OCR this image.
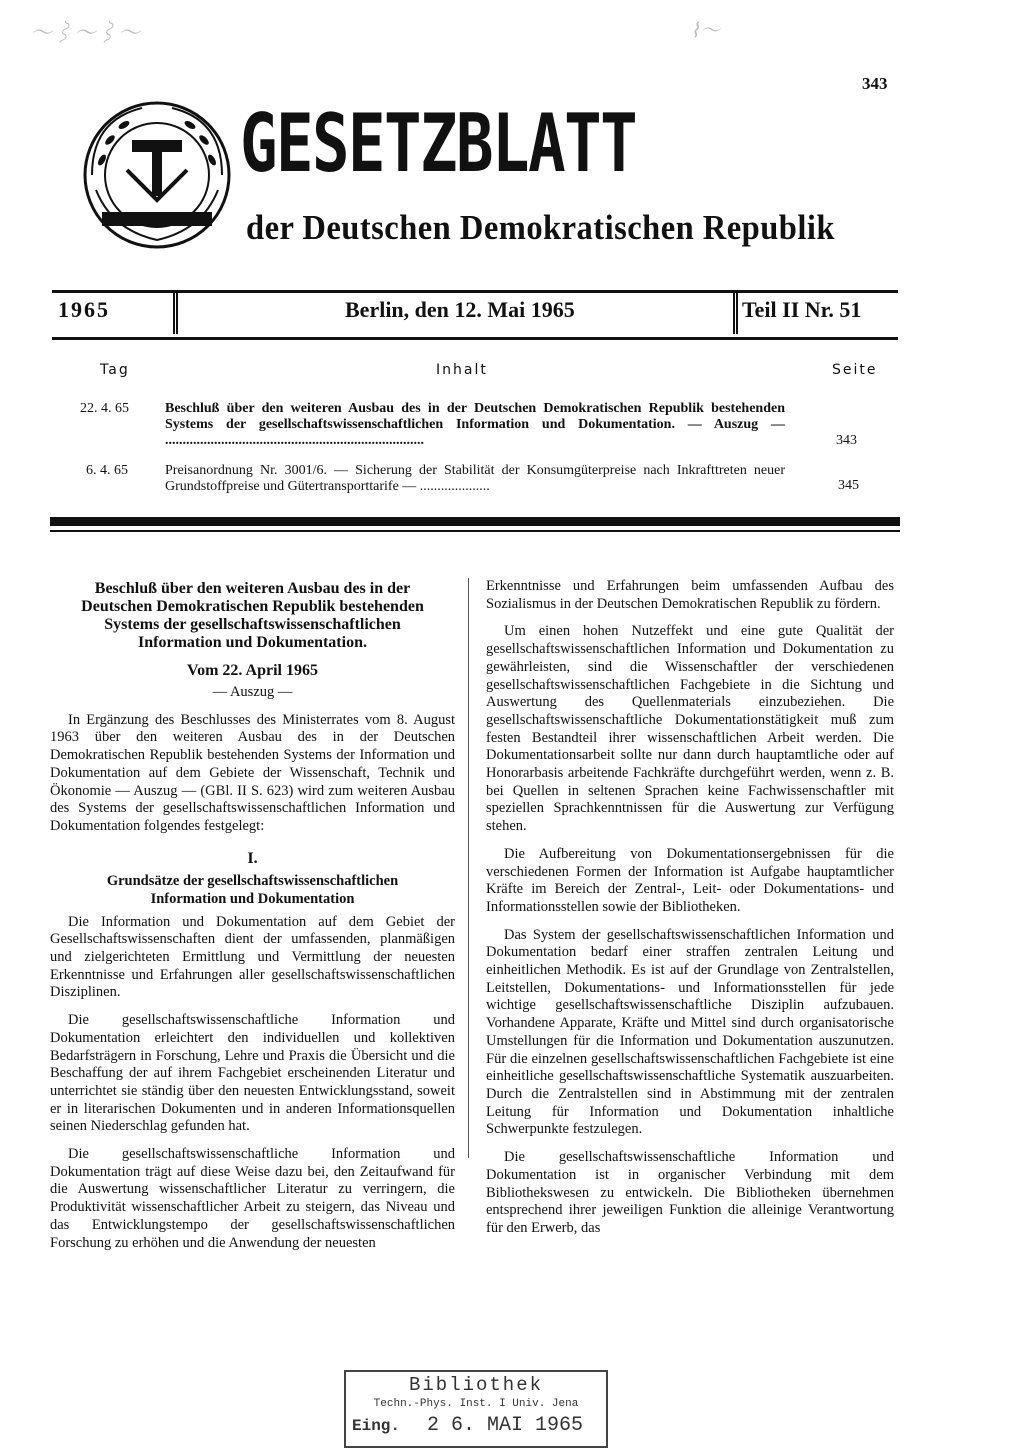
〜⌇〜⌇〜	⌇〜
343
GESETZBLATT
der Deutschen Demokratischen Republik
1965	Berlin, den 12. Mai 1965	Teil II Nr. 51
Tag	Inhalt	Seite
22. 4. 65	Beschluß über den weiteren Ausbau des in der Deutschen Demokratischen Republik bestehenden Systems der gesellschaftswissenschaftlichen Information und Dokumentation. — Auszug — ..........................................................................	343
6. 4. 65	Preisanordnung Nr. 3001/6. — Sicherung der Stabilität der Konsumgüterpreise nach Inkrafttreten neuer Grundstoffpreise und Gütertransporttarife — ....................	345

Beschluß über den weiteren Ausbau des in der Deutschen Demokratischen Republik bestehenden Systems der gesellschaftswissenschaftlichen Information und Dokumentation.

Vom 22. April 1965

— Auszug —

In Ergänzung des Beschlusses des Ministerrates vom 8. August 1963 über den weiteren Ausbau des in der Deutschen Demokratischen Republik bestehenden Systems der Information und Dokumentation auf dem Gebiete der Wissenschaft, Technik und Ökonomie — Auszug — (GBl. II S. 623) wird zum weiteren Ausbau des Systems der gesellschaftswissenschaftlichen Information und Dokumentation folgendes festgelegt:

I.

Grundsätze der gesellschaftswissenschaftlichen Information und Dokumentation

Die Information und Dokumentation auf dem Gebiet der Gesellschaftswissenschaften dient der umfassenden, planmäßigen und zielgerichteten Ermittlung und Vermittlung der neuesten Erkenntnisse und Erfahrungen aller gesellschaftswissenschaftlichen Disziplinen.

Die gesellschaftswissenschaftliche Information und Dokumentation erleichtert den individuellen und kollektiven Bedarfsträgern in Forschung, Lehre und Praxis die Übersicht und die Beschaffung der auf ihrem Fachgebiet erscheinenden Literatur und unterrichtet sie ständig über den neuesten Entwicklungsstand, soweit er in literarischen Dokumenten und in anderen Informationsquellen seinen Niederschlag gefunden hat.

Die gesellschaftswissenschaftliche Information und Dokumentation trägt auf diese Weise dazu bei, den Zeitaufwand für die Auswertung wissenschaftlicher Literatur zu verringern, die Produktivität wissenschaftlicher Arbeit zu steigern, das Niveau und das Entwicklungstempo der gesellschaftswissenschaftlichen Forschung zu erhöhen und die Anwendung der neuesten

Erkenntnisse und Erfahrungen beim umfassenden Aufbau des Sozialismus in der Deutschen Demokratischen Republik zu fördern.

Um einen hohen Nutzeffekt und eine gute Qualität der gesellschaftswissenschaftlichen Information und Dokumentation zu gewährleisten, sind die Wissenschaftler der verschiedenen gesellschaftswissenschaftlichen Fachgebiete in die Sichtung und Auswertung des Quellenmaterials einzubeziehen. Die gesellschaftswissenschaftliche Dokumentationstätigkeit muß zum festen Bestandteil ihrer wissenschaftlichen Arbeit werden. Die Dokumentationsarbeit sollte nur dann durch hauptamtliche oder auf Honorarbasis arbeitende Fachkräfte durchgeführt werden, wenn z. B. bei Quellen in seltenen Sprachen keine Fachwissenschaftler mit speziellen Sprachkenntnissen für die Auswertung zur Verfügung stehen.

Die Aufbereitung von Dokumentationsergebnissen für die verschiedenen Formen der Information ist Aufgabe hauptamtlicher Kräfte im Bereich der Zentral-, Leit- oder Dokumentations- und Informationsstellen sowie der Bibliotheken.

Das System der gesellschaftswissenschaftlichen Information und Dokumentation bedarf einer straffen zentralen Leitung und einheitlichen Methodik. Es ist auf der Grundlage von Zentralstellen, Leitstellen, Dokumentations- und Informationsstellen für jede wichtige gesellschaftswissenschaftliche Disziplin aufzubauen. Vorhandene Apparate, Kräfte und Mittel sind durch organisatorische Umstellungen für die Information und Dokumentation auszunutzen. Für die einzelnen gesellschaftswissenschaftlichen Fachgebiete ist eine einheitliche gesellschaftswissenschaftliche Systematik auszuarbeiten. Durch die Zentralstellen sind in Abstimmung mit der zentralen Leitung für Information und Dokumentation inhaltliche Schwerpunkte festzulegen.

Die gesellschaftswissenschaftliche Information und Dokumentation ist in organischer Verbindung mit dem Bibliothekswesen zu entwickeln. Die Bibliotheken übernehmen entsprechend ihrer jeweiligen Funktion die alleinige Verantwortung für den Erwerb, das

Bibliothek
Techn.-Phys. Inst. I Univ. Jena
Eing. 2 6. MAI 1965
